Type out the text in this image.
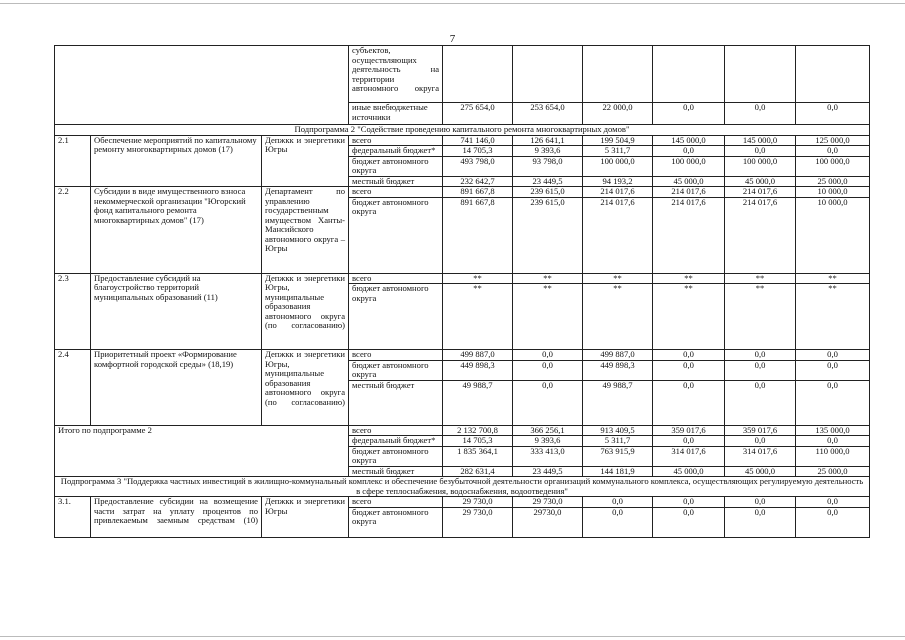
7
			субъектов, осуществляющих деятельность на территории автономного округа						
			иные внебюджетные источники	275 654,0	253 654,0	22 000,0	0,0	0,0	0,0
Подпрограмма 2 "Содействие проведению капитального ремонта многоквартирных домов"									
2.1	Обеспечение мероприятий по капитальному ремонту многоквартирных домов (17)	Депжкк и энергетики Югры	всего	741 146,0	126 641,1	199 504,9	145 000,0	145 000,0	125 000,0
			федеральный бюджет*	14 705,3	9 393,6	5 311,7	0,0	0,0	0,0
			бюджет автономного округа	493 798,0	93 798,0	100 000,0	100 000,0	100 000,0	100 000,0
			местный бюджет	232 642,7	23 449,5	94 193,2	45 000,0	45 000,0	25 000,0
2.2	Субсидии в виде имущественного взноса некоммерческой организации "Югорский фонд капитального ремонта многоквартирных домов" (17)	Департамент по управлению государственным имуществом Ханты-Мансийского автономного округа – Югры	всего	891 667,8	239 615,0	214 017,6	214 017,6	214 017,6	10 000,0
			бюджет автономного округа	891 667,8	239 615,0	214 017,6	214 017,6	214 017,6	10 000,0
2.3	Предоставление субсидий на благоустройство территорий муниципальных образований (11)	Депжкк и энергетики Югры, муниципальные образования автономного округа (по согласованию)	всего	**	**	**	**	**	**
			бюджет автономного округа	**	**	**	**	**	**
2.4	Приоритетный проект «Формирование комфортной городской среды» (18,19)	Депжкк и энергетики Югры, муниципальные образования автономного округа (по согласованию)	всего	499 887,0	0,0	499 887,0	0,0	0,0	0,0
			бюджет автономного округа	449 898,3	0,0	449 898,3	0,0	0,0	0,0
			местный бюджет	49 988,7	0,0	49 988,7	0,0	0,0	0,0
Итого по подпрограмме 2			всего	2 132 700,8	366 256,1	913 409,5	359 017,6	359 017,6	135 000,0
			федеральный бюджет*	14 705,3	9 393,6	5 311,7	0,0	0,0	0,0
			бюджет автономного округа	1 835 364,1	333 413,0	763 915,9	314 017,6	314 017,6	110 000,0
			местный бюджет	282 631,4	23 449,5	144 181,9	45 000,0	45 000,0	25 000,0
Подпрограмма 3 "Поддержка частных инвестиций в жилищно-коммунальный комплекс и обеспечение безубыточной деятельности организаций коммунального комплекса, осуществляющих регулируемую деятельность в сфере теплоснабжения, водоснабжения, водоотведения"									
3.1.	Предоставление субсидии на возмещение части затрат на уплату процентов по привлекаемым заемным средствам (10)	Депжкк и энергетики Югры	всего	29 730,0	29 730,0	0,0	0,0	0,0	0,0
			бюджет автономного округа	29 730,0	29730,0	0,0	0,0	0,0	0,0
